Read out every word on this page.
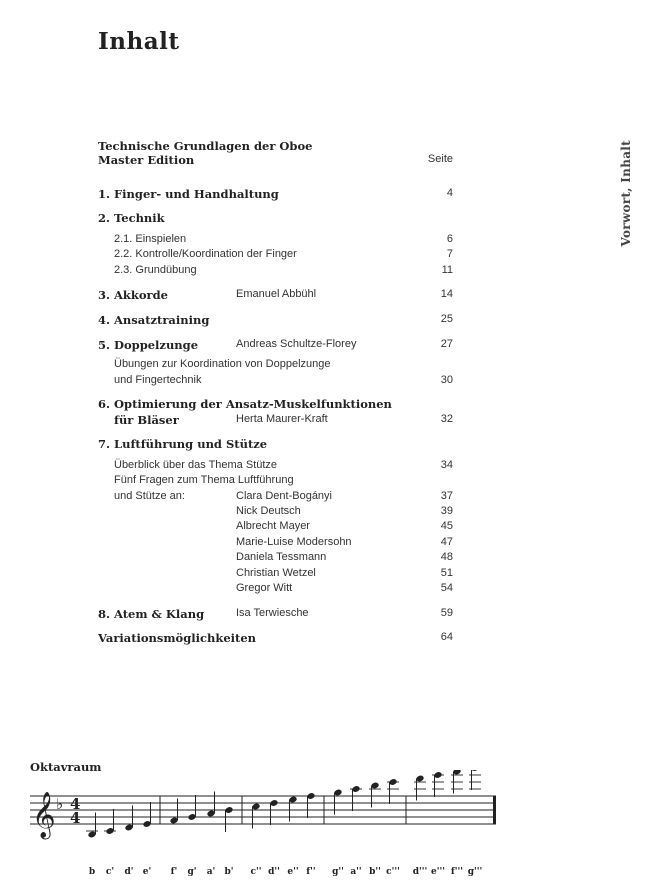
Inhalt
Vorwort, Inhalt
Technische Grundlagen der Oboe
Master Edition	Seite
1. Finger- und Handhaltung	4
2. Technik
2.1. Einspielen	6
2.2. Kontrolle/Koordination der Finger	7
2.3. Grundübung	11
3. Akkorde	Emanuel Abbühl	14
4. Ansatztraining	25
5. Doppelzunge	Andreas Schultze-Florey	27
Übungen zur Koordination von Doppelzunge
und Fingertechnik	30
6. Optimierung der Ansatz-Muskelfunktionen
für Bläser	Herta Maurer-Kraft	32
7. Luftführung und Stütze
Überblick über das Thema Stütze	34
Fünf Fragen zum Thema Luftführung
und Stütze an:	Clara Dent-Bogányi	37
Nick Deutsch	39
Albrecht Mayer	45
Marie-Luise Modersohn	47
Daniela Tessmann	48
Christian Wetzel	51
Gregor Witt	54
8. Atem & Klang	Isa Terwiesche	59
Variationsmöglichkeiten	64
Oktavraum
𝄞 ♭ 4
4
b c' d' e' f' g' a' b' c'' d'' e'' f'' g'' a'' b'' c''' d''' e''' f''' g'''
